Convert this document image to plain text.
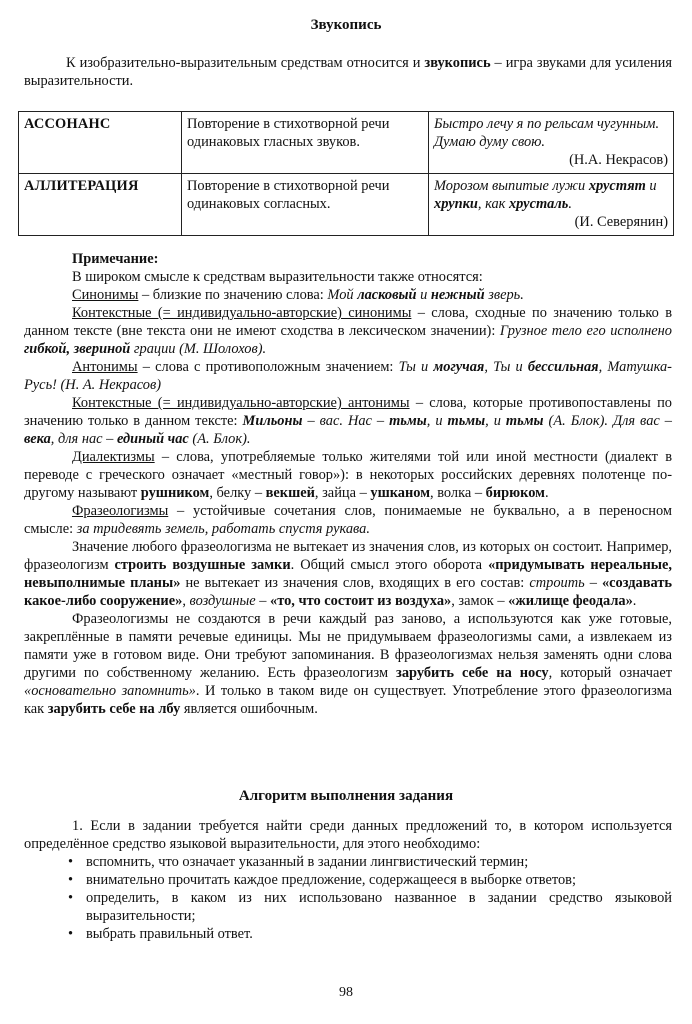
Звукопись
К изобразительно-выразительным средствам относится и звукопись – игра звуками для усиления выразительности.
АССОНАНС	Повторение в стихотворной речи одинаковых гласных звуков.	Быстро лечу я по рельсам чугунным. Думаю думу свою.
(Н.А. Некрасов)

АЛЛИТЕРАЦИЯ	Повторение в стихотворной речи одинаковых согласных.	Морозом выпитые лужи хрустят и хрупки, как хрусталь.
(И. Северянин)

Примечание:

В широком смысле к средствам выразительности также относятся:

Синонимы – близкие по значению слова: Мой ласковый и нежный зверь.

Контекстные (= индивидуально-авторские) синонимы – слова, сходные по значению только в данном тексте (вне текста они не имеют сходства в лексическом значении): Грузное тело его исполнено гибкой, звериной грации (М. Шолохов).

Антонимы – слова с противоположным значением: Ты и могучая, Ты и бессильная, Матушка-Русь! (Н. А. Некрасов)

Контекстные (= индивидуально-авторские) антонимы – слова, которые противопоставлены по значению только в данном тексте: Мильоны – вас. Нас – тьмы, и тьмы, и тьмы (А. Блок). Для вас – века, для нас – единый час (А. Блок).

Диалектизмы – слова, употребляемые только жителями той или иной местности (диалект в переводе с греческого означает «местный говор»): в некоторых российских деревнях полотенце по-другому называют рушником, белку – векшей, зайца – ушканом, волка – бирюком.

Фразеологизмы – устойчивые сочетания слов, понимаемые не буквально, а в переносном смысле: за тридевять земель, работать спустя рукава.

Значение любого фразеологизма не вытекает из значения слов, из которых он состоит. Например, фразеологизм строить воздушные замки. Общий смысл этого оборота «придумывать нереальные, невыполнимые планы» не вытекает из значения слов, входящих в его состав: строить – «создавать какое-либо сооружение», воздушные – «то, что состоит из воздуха», замок – «жилище феодала».

Фразеологизмы не создаются в речи каждый раз заново, а используются как уже готовые, закреплённые в памяти речевые единицы. Мы не придумываем фразеологизмы сами, а извлекаем из памяти уже в готовом виде. Они требуют запоминания. В фразеологизмах нельзя заменять одни слова другими по собственному желанию. Есть фразеологизм зарубить себе на носу, который означает «основательно запомнить». И только в таком виде он существует. Употребление этого фразеологизма как зарубить себе на лбу является ошибочным.

Алгоритм выполнения задания

1. Если в задании требуется найти среди данных предложений то, в котором используется определённое средство языковой выразительности, для этого необходимо:

• вспомнить, что означает указанный в задании лингвистический термин;
• внимательно прочитать каждое предложение, содержащееся в выборке ответов;
• определить, в каком из них использовано названное в задании средство языковой выразительности;
• выбрать правильный ответ.
98
